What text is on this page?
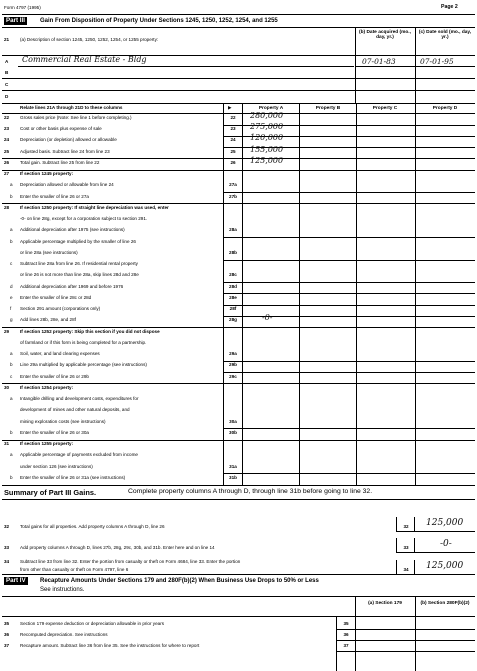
Form 4797 (1995)	Page 2
Part III	Gain From Disposition of Property Under Sections 1245, 1250, 1252, 1254, and 1255
21 (a) Description of section 1245, 1250, 1252, 1254, or 1255 property:
(b) Date acquired (mo., day, yr.)
(c) Date sold (mo., day, yr.)
A Commercial Real Estate - Bldg	07-01-83	07-01-95
B
C
D
Relate lines 21A through 21D to these columns	▶	Property A	Property B	Property C	Property D
22 Gross sales price (Note: See line 1 before completing.)	22	280,000
23 Cost or other basis plus expense of sale	23	275,000
24 Depreciation (or depletion) allowed or allowable	24	120,000
25 Adjusted basis. Subtract line 24 from line 23	25	155,000
26 Total gain. Subtract line 25 from line 22	26	125,000
27 If section 1245 property:
a Depreciation allowed or allowable from line 24	27a
b Enter the smaller of line 26 or 27a	27b
28 If section 1250 property: If straight line depreciation was used, enter
-0- on line 28g, except for a corporation subject to section 291.
a Additional depreciation after 1975 (see instructions)	28a
b Applicable percentage multiplied by the smaller of line 26
or line 28a (see instructions)	28b
c Subtract line 28a from line 26. If residential rental property
or line 26 is not more than line 28a, skip lines 28d and 28e	28c
d Additional depreciation after 1969 and before 1976	28d
e Enter the smaller of line 28c or 28d	28e
f Section 291 amount (corporations only)	28f
g Add lines 28b, 28e, and 28f	28g	-0-
29 If section 1252 property: Skip this section if you did not dispose
of farmland or if this form is being completed for a partnership.
a Soil, water, and land clearing expenses	29a
b Line 29a multiplied by applicable percentage (see instructions)	29b
c Enter the smaller of line 26 or 29b	29c
30 If section 1254 property:
a Intangible drilling and development costs, expenditures for
development of mines and other natural deposits, and
mining exploration costs (see instructions)	30a
b Enter the smaller of line 26 or 30a	30b
31 If section 1255 property:
a Applicable percentage of payments excluded from income
under section 126 (see instructions)	31a
b Enter the smaller of line 26 or 31a (see instructions)	31b
Summary of Part III Gains.	Complete property columns A through D, through line 31b before going to line 32.
32 Total gains for all properties. Add property columns A through D, line 26	32	125,000
33 Add property columns A through D, lines 27b, 28g, 29c, 30b, and 31b. Enter here and on line 14	33	-0-
34 Subtract line 33 from line 32. Enter the portion from casualty or theft on Form 4684, line 33. Enter the portion
from other than casualty or theft on Form 4797, line 6	34	125,000
Part IV	Recapture Amounts Under Sections 179 and 280F(b)(2) When Business Use Drops to 50% or Less
See instructions.
(a) Section 179	(b) Section 280F(b)(2)
35 Section 179 expense deduction or depreciation allowable in prior years	35
36 Recomputed depreciation. See instructions	36
37 Recapture amount. Subtract line 36 from line 35. See the instructions for where to report	37
